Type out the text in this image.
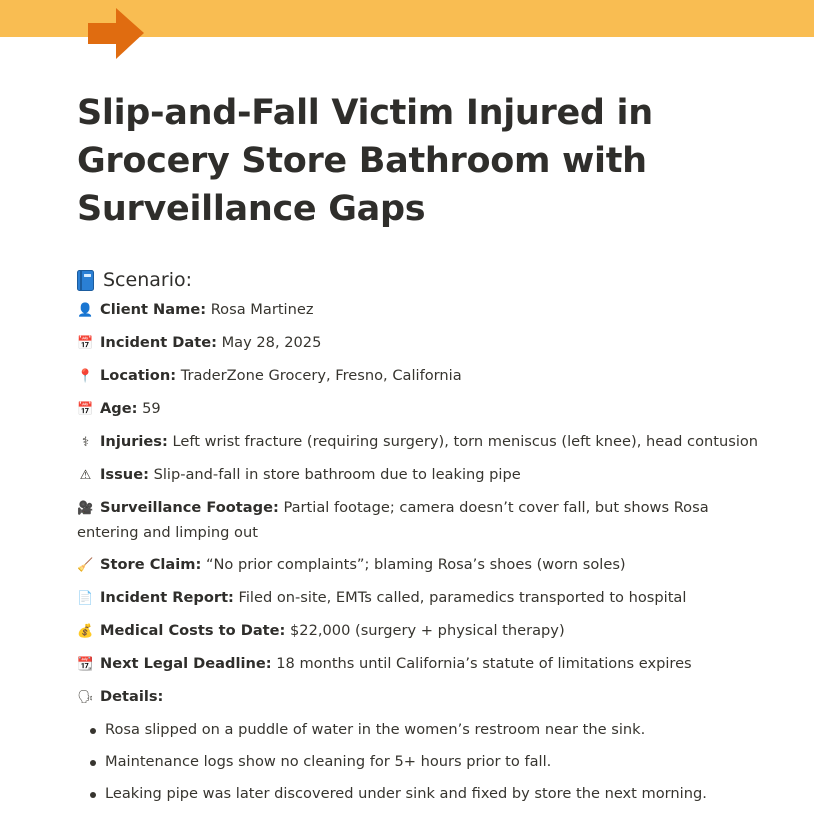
Slip-and-Fall Victim Injured in Grocery Store Bathroom with Surveillance Gaps
Scenario:
👤 Client Name: Rosa Martinez
📅 Incident Date: May 28, 2025
📍 Location: TraderZone Grocery, Fresno, California
📅 Age: 59
⚕ Injuries: Left wrist fracture (requiring surgery), torn meniscus (left knee), head contusion
⚠ Issue: Slip-and-fall in store bathroom due to leaking pipe
🎥 Surveillance Footage: Partial footage; camera doesn’t cover fall, but shows Rosa entering and limping out
🧹 Store Claim: “No prior complaints”; blaming Rosa’s shoes (worn soles)
📄 Incident Report: Filed on-site, EMTs called, paramedics transported to hospital
💰 Medical Costs to Date: $22,000 (surgery + physical therapy)
📆 Next Legal Deadline: 18 months until California’s statute of limitations expires
🗣 Details:
Rosa slipped on a puddle of water in the women’s restroom near the sink.
Maintenance logs show no cleaning for 5+ hours prior to fall.
Leaking pipe was later discovered under sink and fixed by store the next morning.
